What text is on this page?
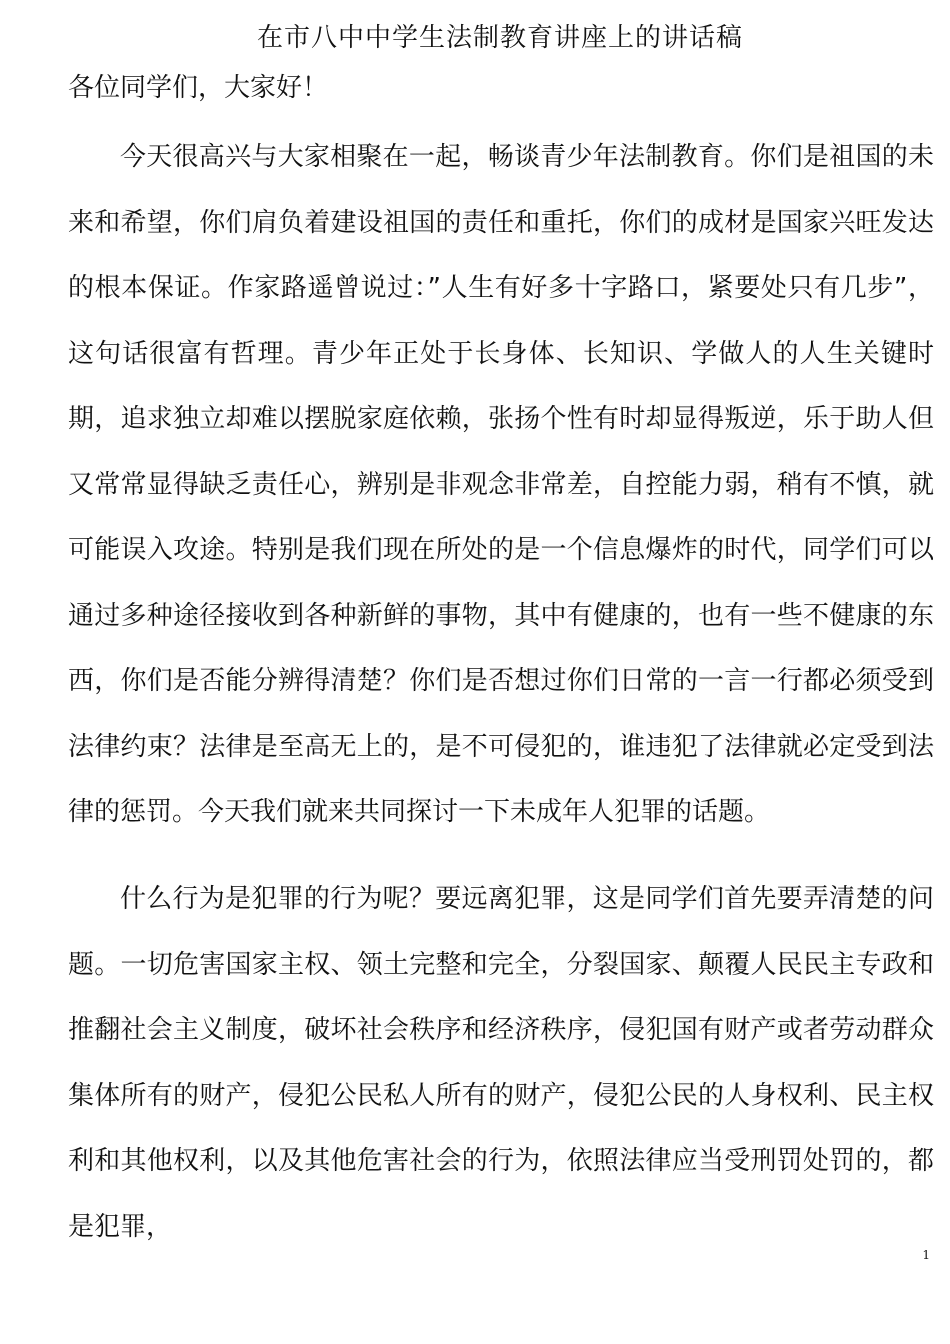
在市八中中学生法制教育讲座上的讲话稿
各位同学们，大家好！
今天很高兴与大家相聚在一起，畅谈青少年法制教育。你们是祖国的未来和希望，你们肩负着建设祖国的责任和重托，你们的成材是国家兴旺发达的根本保证。作家路遥曾说过：”人生有好多十字路口，紧要处只有几步”，这句话很富有哲理。青少年正处于长身体、长知识、学做人的人生关键时期，追求独立却难以摆脱家庭依赖，张扬个性有时却显得叛逆，乐于助人但又常常显得缺乏责任心，辨别是非观念非常差，自控能力弱，稍有不慎，就可能误入攻途。特别是我们现在所处的是一个信息爆炸的时代，同学们可以通过多种途径接收到各种新鲜的事物，其中有健康的，也有一些不健康的东西，你们是否能分辨得清楚？你们是否想过你们日常的一言一行都必须受到法律约束？法律是至高无上的，是不可侵犯的，谁违犯了法律就必定受到法律的惩罚。今天我们就来共同探讨一下未成年人犯罪的话题。
什么行为是犯罪的行为呢？要远离犯罪，这是同学们首先要弄清楚的问题。一切危害国家主权、领土完整和完全，分裂国家、颠覆人民民主专政和推翻社会主义制度，破坏社会秩序和经济秩序，侵犯国有财产或者劳动群众集体所有的财产，侵犯公民私人所有的财产，侵犯公民的人身权利、民主权利和其他权利，以及其他危害社会的行为，依照法律应当受刑罚处罚的，都是犯罪，
1
